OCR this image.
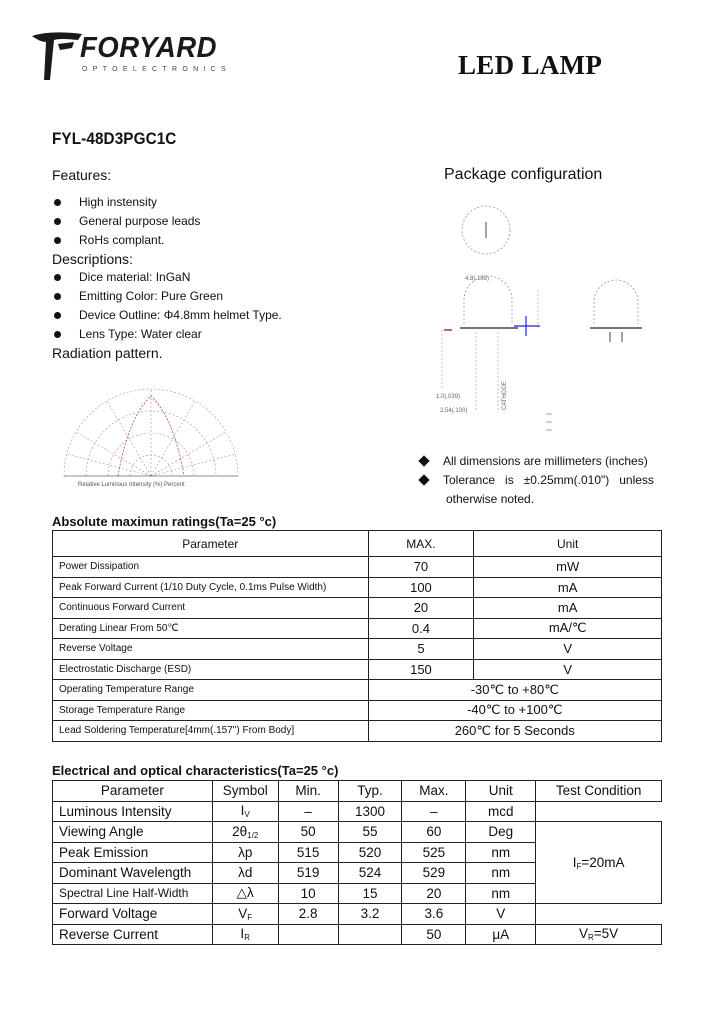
FORYARD
OPTOELECTRONICS	LED LAMP
FYL-48D3PGC1C
Features:
High instensity
General purpose leads
RoHs complant.
Descriptions:
Dice material: InGaN
Emitting Color: Pure Green
Device Outline: Φ4.8mm helmet Type.
Lens Type: Water clear
Radiation pattern.
Relative Luminous Intensity (%) Percent
Package configuration
4.8(.189)
CATHODE
2.54(.100)
1.0(.039)
All dimensions are millimeters (inches)
Tolerance   is   ±0.25mm(.010")   unless
otherwise noted.
Absolute maximun ratings(Ta=25 °c)
Parameter	MAX.	Unit
Power Dissipation	70	mW
Peak Forward Current (1/10 Duty Cycle, 0.1ms Pulse Width)	100	mA
Continuous Forward Current	20	mA
Derating Linear From 50℃	0.4	mA/℃
Reverse Voltage	5	V
Electrostatic Discharge (ESD)	150	V
Operating Temperature Range	-30℃ to +80℃	
Storage Temperature Range	-40℃ to +100℃	
Lead Soldering Temperature[4mm(.157") From Body]	260℃ for 5 Seconds	
Electrical and optical characteristics(Ta=25 °c)
Parameter	Symbol	Min.	Typ.	Max.	Unit	Test Condition
Luminous Intensity	$I_V$	–	1300	–	mcd	
Viewing Angle	$2\theta_{1/2}$	50	55	60	Deg	$I_F=20mA$
Peak Emission	λp	515	520	525	nm	
Dominant Wavelength	λd	519	524	529	nm	
Spectral Line Half-Width	△λ	10	15	20	nm	
Forward Voltage	$V_F$	2.8	3.2	3.6	V	
Reverse Current	$I_R$			50	μA	$V_R=5V$
